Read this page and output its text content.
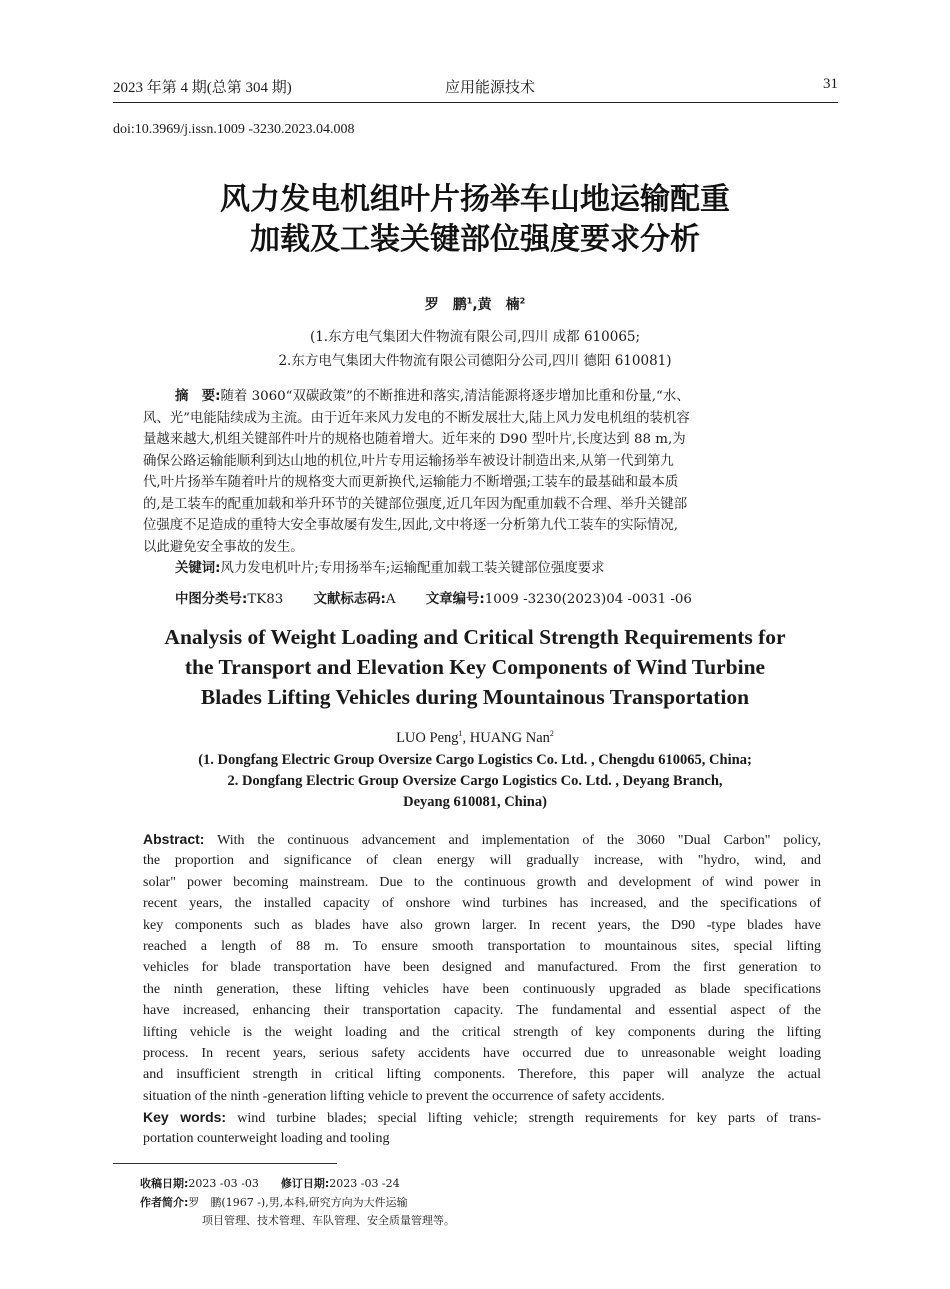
2023 年第 4 期(总第 304 期)	应用能源技术	31
doi:10.3969/j.issn.1009 -3230.2023.04.008
风力发电机组叶片扬举车山地运输配重
加载及工装关键部位强度要求分析
罗　鹏$^1$,黄　楠$^2$
(1.东方电气集团大件物流有限公司,四川 成都 610065;
2.东方电气集团大件物流有限公司德阳分公司,四川 德阳 610081)
摘　要:随着 3060“双碳政策”的不断推进和落实,清洁能源将逐步增加比重和份量,“水、
风、光”电能陆续成为主流。由于近年来风力发电的不断发展壮大,陆上风力发电机组的装机容
量越来越大,机组关键部件叶片的规格也随着增大。近年来的 D90 型叶片,长度达到 88 m,为
确保公路运输能顺利到达山地的机位,叶片专用运输扬举车被设计制造出来,从第一代到第九
代,叶片扬举车随着叶片的规格变大而更新换代,运输能力不断增强;工装车的最基础和最本质
的,是工装车的配重加载和举升环节的关键部位强度,近几年因为配重加载不合理、举升关键部
位强度不足造成的重特大安全事故屡有发生,因此,文中将逐一分析第九代工装车的实际情况,
以此避免安全事故的发生。
关键词:风力发电机叶片;专用扬举车;运输配重加载工装关键部位强度要求
中图分类号:TK83 文献标志码:A 文章编号:1009 -3230(2023)04 -0031 -06
Analysis of Weight Loading and Critical Strength Requirements for
the Transport and Elevation Key Components of Wind Turbine
Blades Lifting Vehicles during Mountainous Transportation
LUO Peng$^1$, HUANG Nan$^2$
(1. Dongfang Electric Group Oversize Cargo Logistics Co. Ltd. , Chengdu 610065, China;
2. Dongfang Electric Group Oversize Cargo Logistics Co. Ltd. , Deyang Branch,
Deyang 610081, China)
Abstract: With the continuous advancement and implementation of the 3060 "Dual Carbon" policy,
the proportion and significance of clean energy will gradually increase, with "hydro, wind, and
solar" power becoming mainstream. Due to the continuous growth and development of wind power in
recent years, the installed capacity of onshore wind turbines has increased, and the specifications of
key components such as blades have also grown larger. In recent years, the D90 -type blades have
reached a length of 88 m. To ensure smooth transportation to mountainous sites, special lifting
vehicles for blade transportation have been designed and manufactured. From the first generation to
the ninth generation, these lifting vehicles have been continuously upgraded as blade specifications
have increased, enhancing their transportation capacity. The fundamental and essential aspect of the
lifting vehicle is the weight loading and the critical strength of key components during the lifting
process. In recent years, serious safety accidents have occurred due to unreasonable weight loading
and insufficient strength in critical lifting components. Therefore, this paper will analyze the actual
situation of the ninth -generation lifting vehicle to prevent the occurrence of safety accidents.
Key words: wind turbine blades; special lifting vehicle; strength requirements for key parts of trans-
portation counterweight loading and tooling
收稿日期:2023 -03 -03 修订日期:2023 -03 -24
作者简介:罗　鹏(1967 -),男,本科,研究方向为大件运输
项目管理、技术管理、车队管理、安全质量管理等。
